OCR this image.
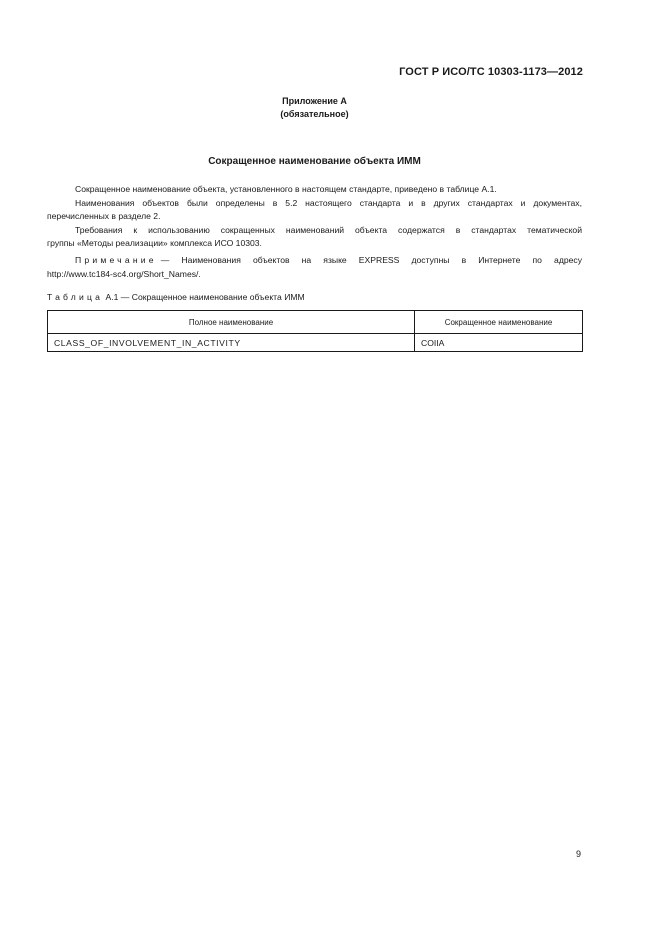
ГОСТ Р ИСО/ТС 10303-1173—2012
Приложение А
(обязательное)
Сокращенное наименование объекта ИММ
Сокращенное наименование объекта, установленного в настоящем стандарте, приведено в таблице А.1.
Наименования объектов были определены в 5.2 настоящего стандарта и в других стандартах и документах,
перечисленных в разделе 2.
Требования к использованию сокращенных наименований объекта содержатся в стандартах тематической
группы «Методы реализации» комплекса ИСО 10303.
Примечание — Наименования объектов на языке EXPRESS доступны в Интернете по адресу
http://www.tc184-sc4.org/Short_Names/.
Таблица А.1 — Сокращенное наименование объекта ИММ
Полное наименование	Сокращенное наименование
CLASS_OF_INVOLVEMENT_IN_ACTIVITY	COIIA
9
